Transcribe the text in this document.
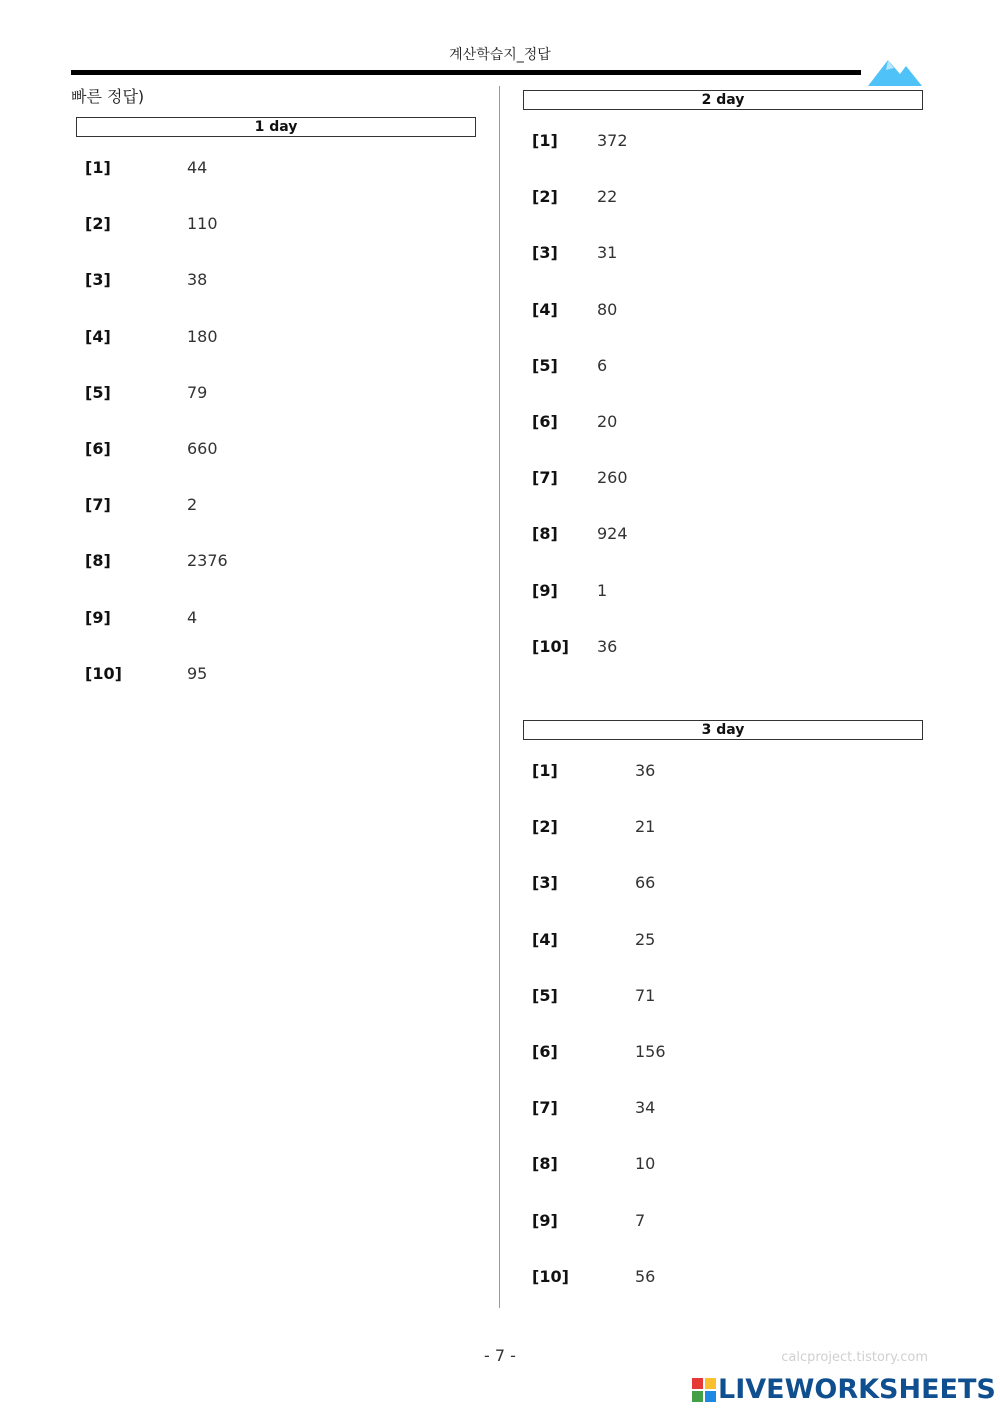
계산학습지_정답
빠른 정답)
1 day
[1]	44
[2]	110
[3]	38
[4]	180
[5]	79
[6]	660
[7]	2
[8]	2376
[9]	4
[10]	95
2 day
[1] 372
[2] 22
[3] 31
[4] 80
[5] 6
[6] 20
[7] 260
[8] 924
[9] 1
[10] 36
3 day
[1]	36
[2]	21
[3]	66
[4]	25
[5]	71
[6]	156
[7]	34
[8]	10
[9]	7
[10]	56
- 7 -	calcproject.tistory.com
LIVEWORKSHEETS
